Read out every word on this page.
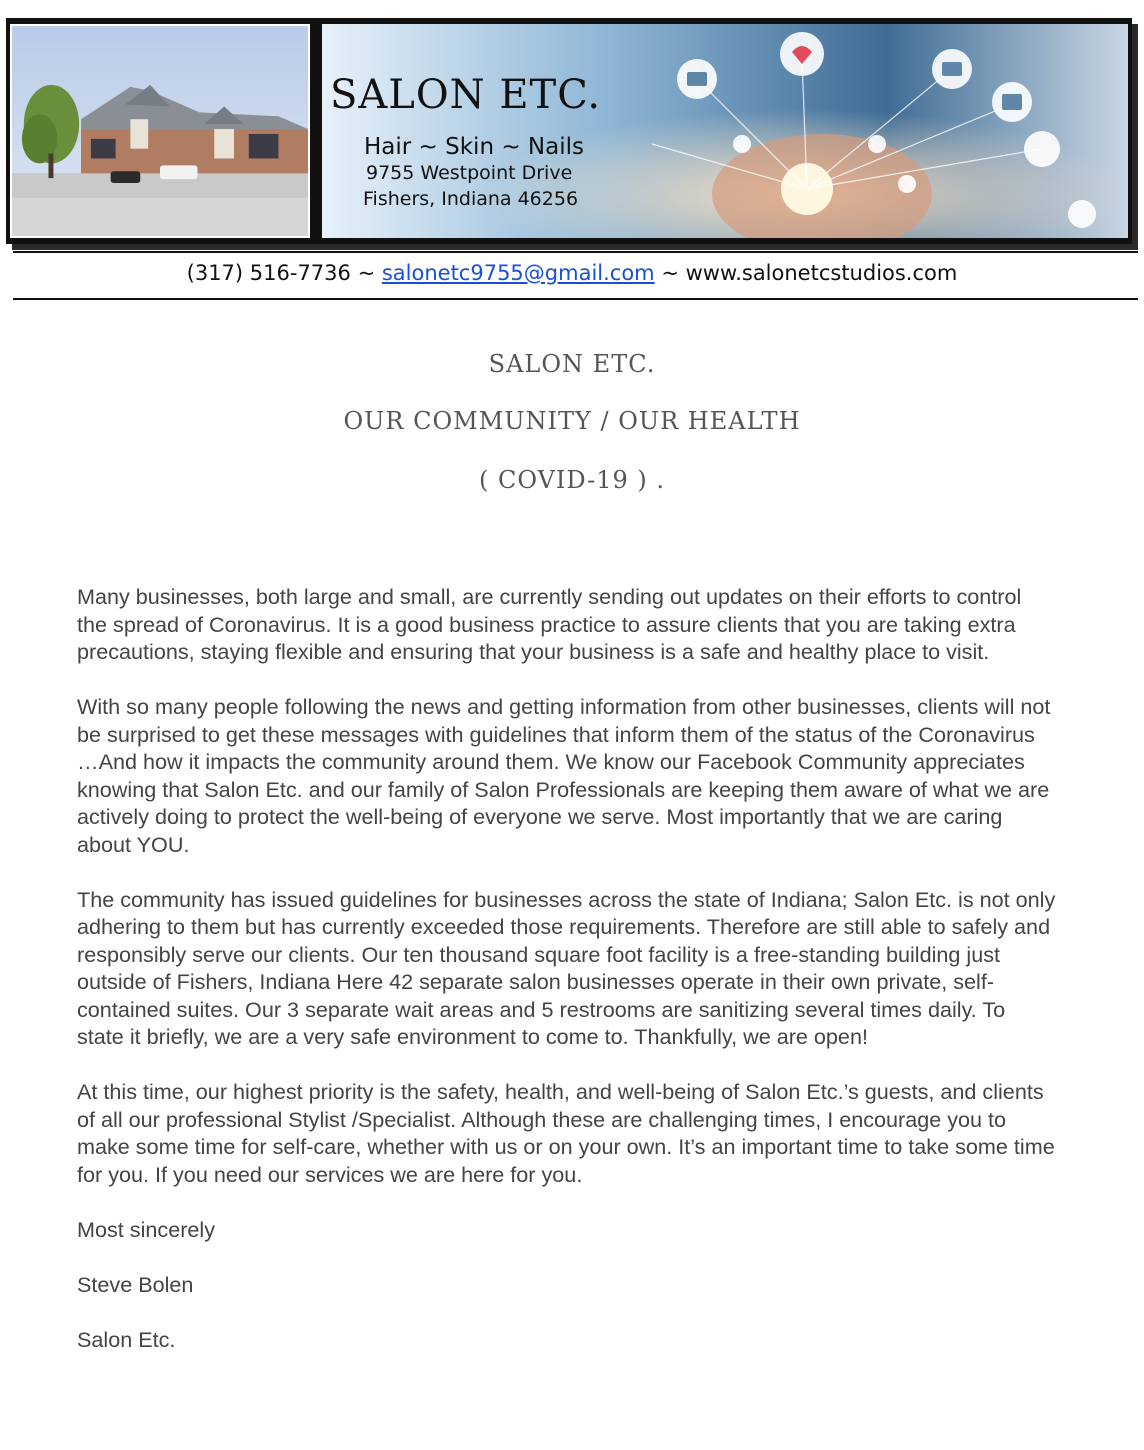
SALON ETC.
Hair ~ Skin ~ Nails
9755 Westpoint Drive
Fishers, Indiana 46256
(317) 516-7736 ~ salonetc9755@gmail.com ~ www.salonetcstudios.com
SALON ETC.
OUR COMMUNITY / OUR HEALTH
( COVID-19 ) .

Many businesses, both large and small, are currently sending out updates on their efforts to control the spread of Coronavirus. It is a good business practice to assure clients that you are taking extra precautions, staying flexible and ensuring that your business is a safe and healthy place to visit.

With so many people following the news and getting information from other businesses, clients will not be surprised to get these messages with guidelines that inform them of the status of the Coronavirus …And how it impacts the community around them. We know our Facebook Community appreciates knowing that Salon Etc. and our family of Salon Professionals are keeping them aware of what we are actively doing to protect the well-being of everyone we serve. Most importantly that we are caring about YOU.

The community has issued guidelines for businesses across the state of Indiana; Salon Etc. is not only adhering to them but has currently exceeded those requirements. Therefore are still able to safely and responsibly serve our clients. Our ten thousand square foot facility is a free-standing building just outside of Fishers, Indiana Here 42 separate salon businesses operate in their own private, self-contained suites. Our 3 separate wait areas and 5 restrooms are sanitizing several times daily. To state it briefly, we are a very safe environment to come to. Thankfully, we are open!

At this time, our highest priority is the safety, health, and well-being of Salon Etc.’s guests, and clients of all our professional Stylist /Specialist. Although these are challenging times, I encourage you to make some time for self-care, whether with us or on your own. It’s an important time to take some time for you. If you need our services we are here for you.

Most sincerely

Steve Bolen

Salon Etc.
